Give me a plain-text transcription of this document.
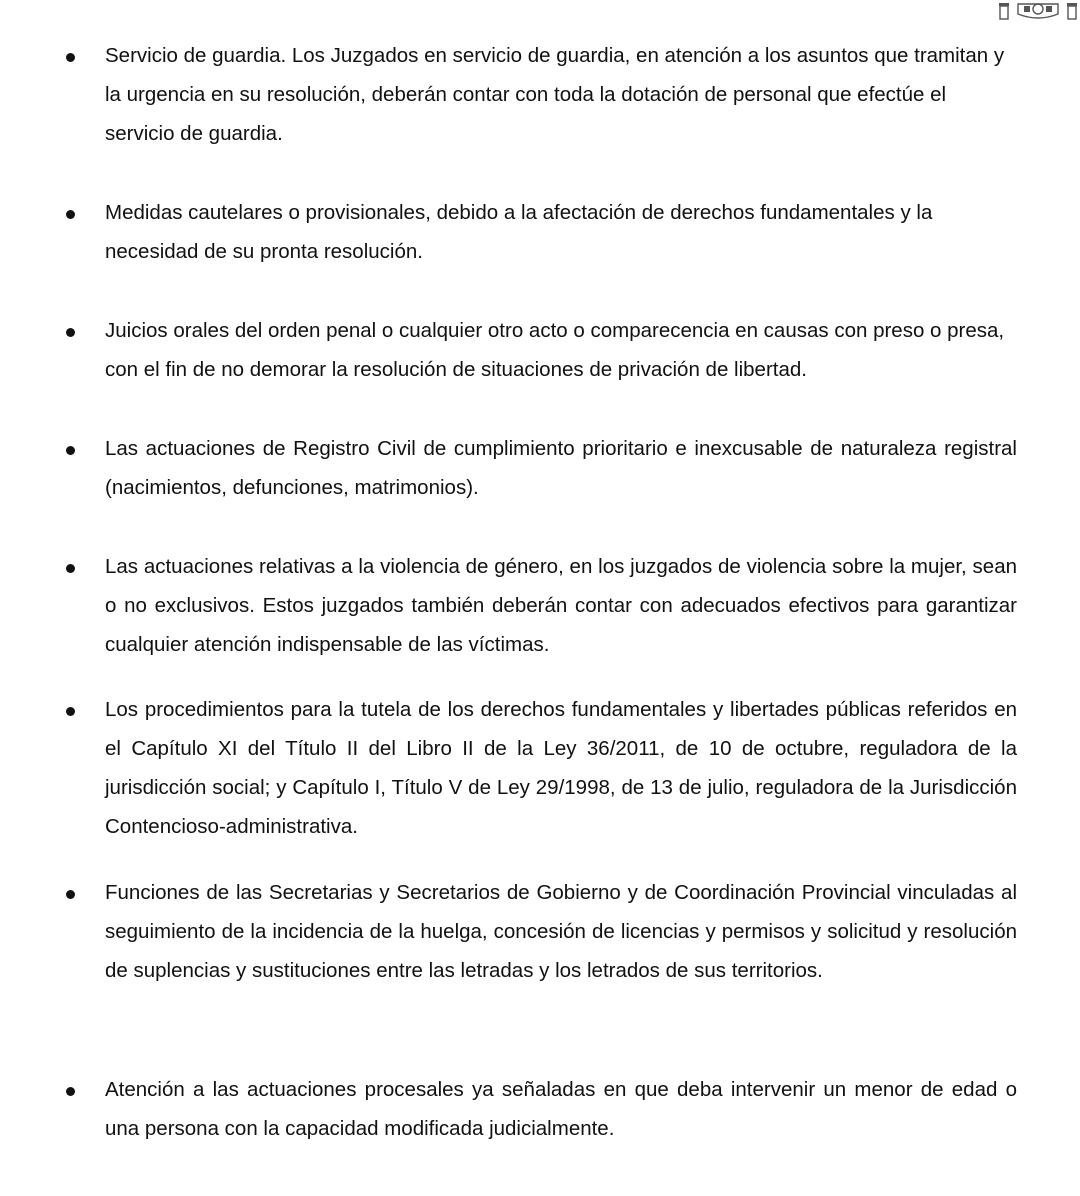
Servicio de guardia. Los Juzgados en servicio de guardia, en atención a los asuntos que tramitan y la urgencia en su resolución, deberán contar con toda la dotación de personal que efectúe el servicio de guardia.

Medidas cautelares o provisionales, debido a la afectación de derechos fundamentales y la necesidad de su pronta resolución.

Juicios orales del orden penal o cualquier otro acto o comparecencia en causas con preso o presa, con el fin de no demorar la resolución de situaciones de privación de libertad.

Las actuaciones de Registro Civil de cumplimiento prioritario e inexcusable de naturaleza registral (nacimientos, defunciones, matrimonios).

Las actuaciones relativas a la violencia de género, en los juzgados de violencia sobre la mujer, sean o no exclusivos. Estos juzgados también deberán contar con adecuados efectivos para garantizar cualquier atención indispensable de las víctimas.

Los procedimientos para la tutela de los derechos fundamentales y libertades públicas referidos en el Capítulo XI del Título II del Libro II de la Ley 36/2011, de 10 de octubre, reguladora de la jurisdicción social; y Capítulo I, Título V de Ley 29/1998, de 13 de julio, reguladora de la Jurisdicción Contencioso-administrativa.

Funciones de las Secretarias y Secretarios de Gobierno y de Coordinación Provincial vinculadas al seguimiento de la incidencia de la huelga, concesión de licencias y permisos y solicitud y resolución de suplencias y sustituciones entre las letradas y los letrados de sus territorios.

Atención a las actuaciones procesales ya señaladas en que deba intervenir un menor de edad o una persona con la capacidad modificada judicialmente.
